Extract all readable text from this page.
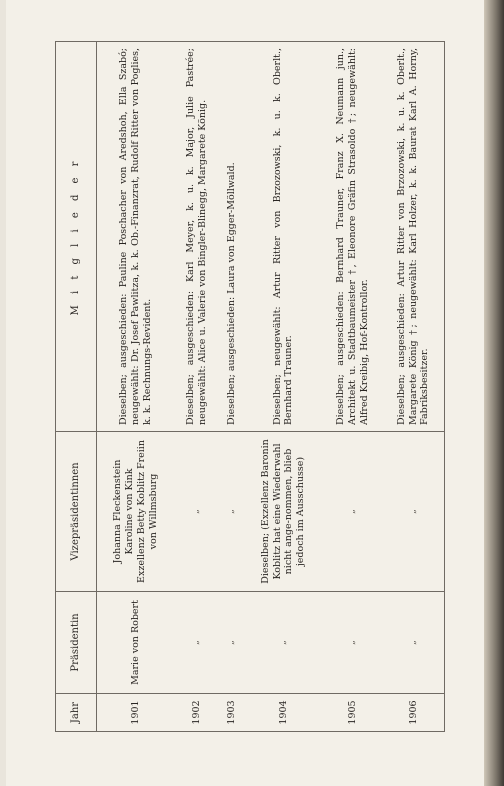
Jahr	Präsidentin	Vizepräsidentinnen	M i t g l i e d e r
1901	Marie von Robert	Johanna Fleckenstein
Karoline von Kink
Exzellenz Betty Koblitz Freiin von Willmsburg	Dieselben; ausgeschieden: Pauline Poschacher von Aredshoh, Ella Szabó; neugewählt: Dr. Josef Pawlitza, k. k. Ob.-Finanzrat, Rudolf Ritter von Poglies, k. k. Rechnungs-Revident.
1902	„	„	Dieselben; ausgeschieden: Karl Meyer, k. u. k. Major, Julie Pastrée; neugewählt: Alice u. Valerie von Bingler-Blinegg, Margarete König.
1903	„	„	Dieselben; ausgeschieden: Laura von Egger-Möllwald.
1904	„	Dieselben; (Exzellenz Baronin Koblitz hat eine Wiederwahl nicht ange-nommen, blieb jedoch im Ausschusse)	Dieselben; neugewählt: Artur Ritter von Brzozowski, k. u. k. Oberlt., Bernhard Trauner.
1905	„	„	Dieselben; ausgeschieden: Bernhard Trauner, Franz X. Neumann jun., Architekt u. Stadtbaumeister †, Eleonore Gräfin Strasoldo †; neugewählt: Alfred Kreibig, Hof-Kontrollor.
1906	„	„	Dieselben; ausgeschieden: Artur Ritter von Brzozowski, k. u. k. Oberlt., Margarete König †; neugewählt: Karl Holzer, k. k. Baurat Karl A. Horny, Fabriksbesitzer.
